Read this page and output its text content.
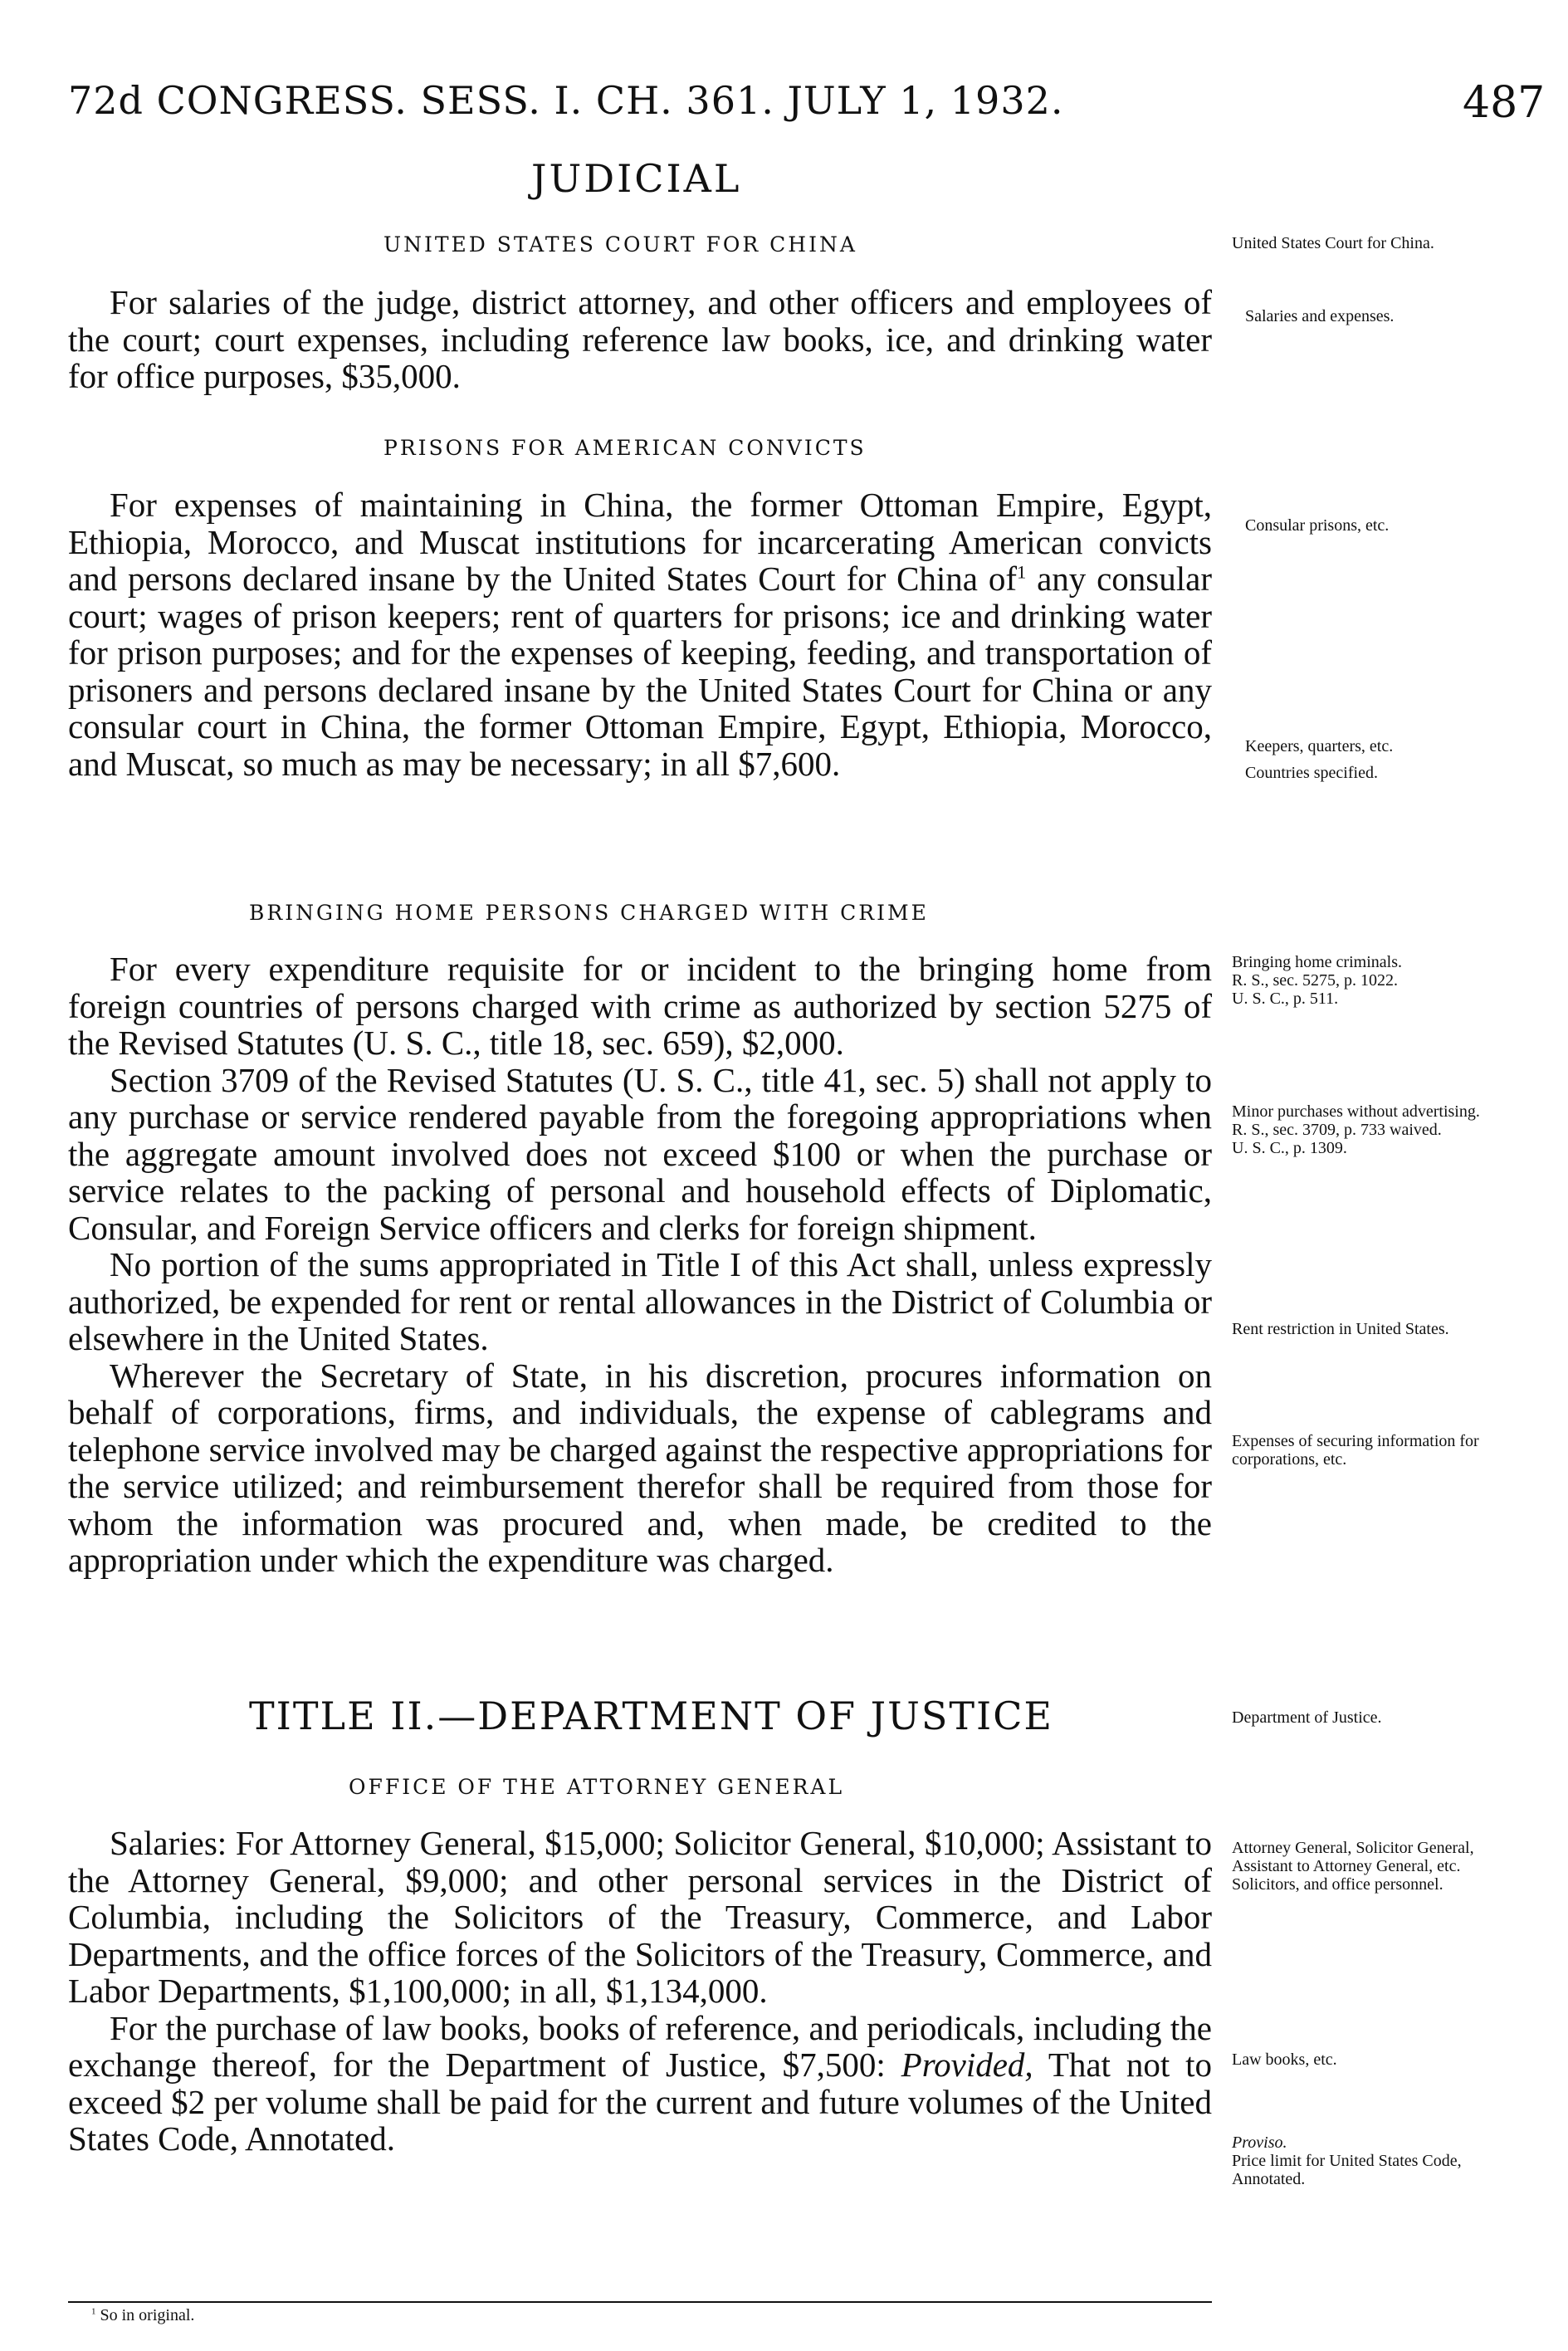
72d CONGRESS. SESS. I. CH. 361. JULY 1, 1932.	487
JUDICIAL
UNITED STATES COURT FOR CHINA

For salaries of the judge, district attorney, and other officers and employees of the court; court expenses, including reference law books, ice, and drinking water for office purposes, $35,000.

PRISONS FOR AMERICAN CONVICTS

For expenses of maintaining in China, the former Ottoman Empire, Egypt, Ethiopia, Morocco, and Muscat institutions for incarcerating American convicts and persons declared insane by the United States Court for China $of^1$ any consular court; wages of prison keepers; rent of quarters for prisons; ice and drinking water for prison purposes; and for the expenses of keeping, feeding, and transportation of prisoners and persons declared insane by the United States Court for China or any consular court in China, the former Ottoman Empire, Egypt, Ethiopia, Morocco, and Muscat, so much as may be necessary; in all $7,600.

BRINGING HOME PERSONS CHARGED WITH CRIME

For every expenditure requisite for or incident to the bringing home from foreign countries of persons charged with crime as authorized by section 5275 of the Revised Statutes (U. S. C., title 18, sec. 659), $2,000.

Section 3709 of the Revised Statutes (U. S. C., title 41, sec. 5) shall not apply to any purchase or service rendered payable from the foregoing appropriations when the aggregate amount involved does not exceed $100 or when the purchase or service relates to the packing of personal and household effects of Diplomatic, Consular, and Foreign Service officers and clerks for foreign shipment.

No portion of the sums appropriated in Title I of this Act shall, unless expressly authorized, be expended for rent or rental allowances in the District of Columbia or elsewhere in the United States.

Wherever the Secretary of State, in his discretion, procures information on behalf of corporations, firms, and individuals, the expense of cablegrams and telephone service involved may be charged against the respective appropriations for the service utilized; and reimbursement therefor shall be required from those for whom the information was procured and, when made, be credited to the appropriation under which the expenditure was charged.

TITLE II.—DEPARTMENT OF JUSTICE
OFFICE OF THE ATTORNEY GENERAL

Salaries: For Attorney General, $15,000; Solicitor General, $10,000; Assistant to the Attorney General, $9,000; and other personal services in the District of Columbia, including the Solicitors of the Treasury, Commerce, and Labor Departments, and the office forces of the Solicitors of the Treasury, Commerce, and Labor Departments, $1,100,000; in all, $1,134,000.

For the purchase of law books, books of reference, and periodicals, including the exchange thereof, for the Department of Justice, $7,500: Provided, That not to exceed $2 per volume shall be paid for the current and future volumes of the United States Code, Annotated.

United States Court for China.
Salaries and expenses.
Consular prisons, etc.
Keepers, quarters, etc.
Countries specified.

Bringing home criminals.

R. S., sec. 5275, p. 1022.

U. S. C., p. 511.

Minor purchases without advertising.

R. S., sec. 3709, p. 733 waived.

U. S. C., p. 1309.

Rent restriction in United States.
Expenses of securing information for corporations, etc.
Department of Justice.

Attorney General, Solicitor General, Assistant to Attorney General, etc.

Solicitors, and office personnel.

Law books, etc.

Proviso.

Price limit for United States Code, Annotated.

$^1$ So in original.
